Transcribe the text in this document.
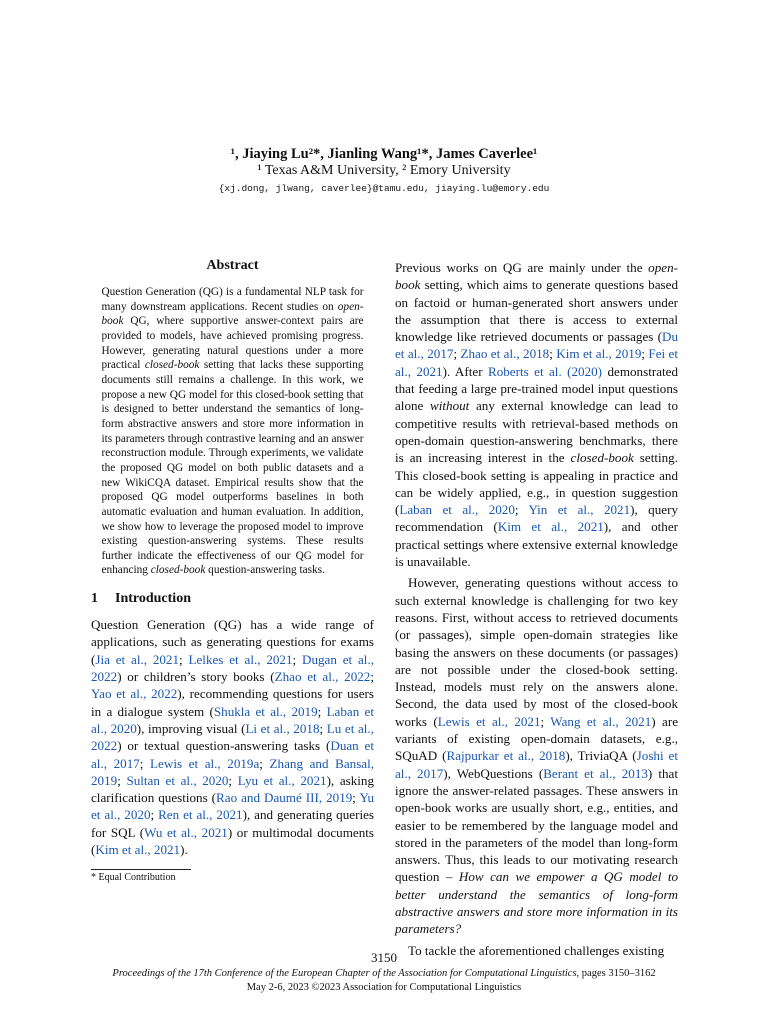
¹, Jiaying Lu²*, Jianling Wang¹*, James Caverlee¹
¹ Texas A&M University, ² Emory University
{xj.dong, jlwang, caverlee}@tamu.edu, jiaying.lu@emory.edu
Abstract
Question Generation (QG) is a fundamental NLP task for many downstream applications. Recent studies on open-book QG, where supportive answer-context pairs are provided to models, have achieved promising progress. However, generating natural questions under a more practical closed-book setting that lacks these supporting documents still remains a challenge. In this work, we propose a new QG model for this closed-book setting that is designed to better understand the semantics of long-form abstractive answers and store more information in its parameters through contrastive learning and an answer reconstruction module. Through experiments, we validate the proposed QG model on both public datasets and a new WikiCQA dataset. Empirical results show that the proposed QG model outperforms baselines in both automatic evaluation and human evaluation. In addition, we show how to leverage the proposed model to improve existing question-answering systems. These results further indicate the effectiveness of our QG model for enhancing closed-book question-answering tasks.
1 Introduction

Question Generation (QG) has a wide range of applications, such as generating questions for exams (Jia et al., 2021; Lelkes et al., 2021; Dugan et al., 2022) or children’s story books (Zhao et al., 2022; Yao et al., 2022), recommending questions for users in a dialogue system (Shukla et al., 2019; Laban et al., 2020), improving visual (Li et al., 2018; Lu et al., 2022) or textual question-answering tasks (Duan et al., 2017; Lewis et al., 2019a; Zhang and Bansal, 2019; Sultan et al., 2020; Lyu et al., 2021), asking clarification questions (Rao and Daumé III, 2019; Yu et al., 2020; Ren et al., 2021), and generating queries for SQL (Wu et al., 2021) or multimodal documents (Kim et al., 2021).

* Equal Contribution

Previous works on QG are mainly under the open-book setting, which aims to generate questions based on factoid or human-generated short answers under the assumption that there is access to external knowledge like retrieved documents or passages (Du et al., 2017; Zhao et al., 2018; Kim et al., 2019; Fei et al., 2021). After Roberts et al. (2020) demonstrated that feeding a large pre-trained model input questions alone without any external knowledge can lead to competitive results with retrieval-based methods on open-domain question-answering benchmarks, there is an increasing interest in the closed-book setting. This closed-book setting is appealing in practice and can be widely applied, e.g., in question suggestion (Laban et al., 2020; Yin et al., 2021), query recommendation (Kim et al., 2021), and other practical settings where extensive external knowledge is unavailable.

However, generating questions without access to such external knowledge is challenging for two key reasons. First, without access to retrieved documents (or passages), simple open-domain strategies like basing the answers on these documents (or passages) are not possible under the closed-book setting. Instead, models must rely on the answers alone. Second, the data used by most of the closed-book works (Lewis et al., 2021; Wang et al., 2021) are variants of existing open-domain datasets, e.g., SQuAD (Rajpurkar et al., 2018), TriviaQA (Joshi et al., 2017), WebQuestions (Berant et al., 2013) that ignore the answer-related passages. These answers in open-book works are usually short, e.g., entities, and easier to be remembered by the language model and stored in the parameters of the model than long-form answers. Thus, this leads to our motivating research question – How can we empower a QG model to better understand the semantics of long-form abstractive answers and store more information in its parameters?

To tackle the aforementioned challenges existing

3150
Proceedings of the 17th Conference of the European Chapter of the Association for Computational Linguistics, pages 3150–3162
May 2-6, 2023 ©2023 Association for Computational Linguistics
